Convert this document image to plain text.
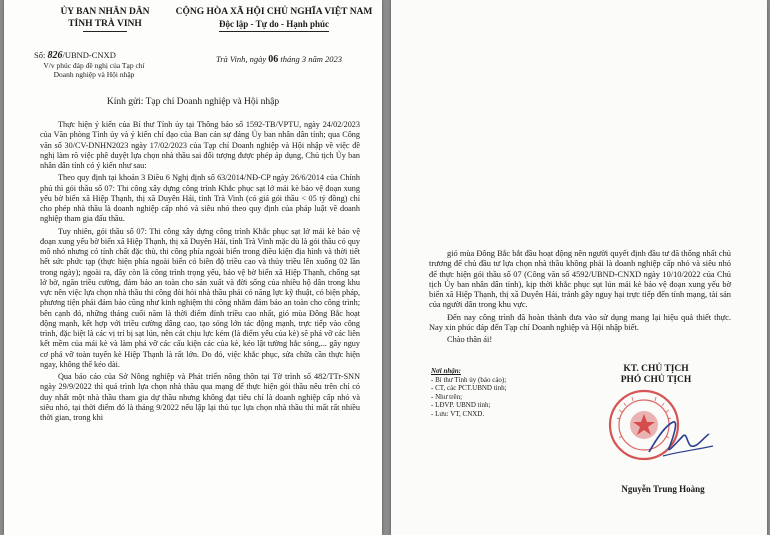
ỦY BAN NHÂN DÂN
TỈNH TRÀ VINH
CỘNG HÒA XÃ HỘI CHỦ NGHĨA VIỆT NAM
Độc lập - Tự do - Hạnh phúc
Số: 826/UBND-CNXD
V/v phúc đáp đề nghị của Tạp chí
Doanh nghiệp và Hội nhập
Trà Vinh, ngày 06 tháng 3 năm 2023
Kính gửi: Tạp chí Doanh nghiệp và Hội nhập

Thực hiện ý kiến của Bí thư Tỉnh ủy tại Thông báo số 1592-TB/VPTU, ngày 24/02/2023 của Văn phòng Tỉnh ủy và ý kiến chỉ đạo của Ban cán sự đảng Ủy ban nhân dân tỉnh; qua Công văn số 30/CV-DNHN2023 ngày 17/02/2023 của Tạp chí Doanh nghiệp và Hội nhập về việc đề nghị làm rõ việc phê duyệt lựa chọn nhà thầu sai đối tượng được phép áp dụng, Chủ tịch Ủy ban nhân dân tỉnh có ý kiến như sau:

Theo quy định tại khoản 3 Điều 6 Nghị định số 63/2014/NĐ-CP ngày 26/6/2014 của Chính phủ thì gói thầu số 07: Thi công xây dựng công trình Khắc phục sạt lở mái kè bảo vệ đoạn xung yếu bờ biển xã Hiệp Thạnh, thị xã Duyên Hải, tỉnh Trà Vinh (có giá gói thầu < 05 tỷ đồng) chỉ cho phép nhà thầu là doanh nghiệp cấp nhỏ và siêu nhỏ theo quy định của pháp luật về doanh nghiệp tham gia đấu thầu.

Tuy nhiên, gói thầu số 07: Thi công xây dựng công trình Khắc phục sạt lở mái kè bảo vệ đoạn xung yếu bờ biển xã Hiệp Thạnh, thị xã Duyên Hải, tỉnh Trà Vinh mặc dù là gói thầu có quy mô nhỏ nhưng có tính chất đặc thù, thi công phía ngoài biển trong điều kiện địa hình và thời tiết hết sức phức tạp (thực hiện phía ngoài biển có biên độ triều cao và thủy triều lên xuống 02 lần trong ngày); ngoài ra, đây còn là công trình trọng yếu, bảo vệ bờ biển xã Hiệp Thạnh, chống sạt lở bờ, ngăn triều cường, đảm bảo an toàn cho sản xuất và đời sống của nhiều hộ dân trong khu vực nên việc lựa chọn nhà thầu thi công đòi hỏi nhà thầu phải có năng lực kỹ thuật, có biện pháp, phương tiện phải đảm bảo cũng như kinh nghiệm thi công nhằm đảm bảo an toàn cho công trình; bên cạnh đó, những tháng cuối năm là thời điểm đỉnh triều cao nhất, gió mùa Đông Bắc hoạt động mạnh, kết hợp với triều cường dâng cao, tạo sóng lớn tác động mạnh, trực tiếp vào công trình, đặc biệt là các vị trí bị sạt lún, nên cát chịu lực kém (là điểm yếu của kè) sẽ phá vỡ các liên kết mềm của mái kè và làm phá vỡ các cấu kiện các của kè, kéo lật tường hắc sóng,... gây nguy cơ phá vỡ toàn tuyến kè Hiệp Thạnh là rất lớn. Do đó, việc khắc phục, sửa chữa cần thực hiện ngay, không thể kéo dài.

Qua báo cáo của Sở Nông nghiệp và Phát triển nông thôn tại Tờ trình số 482/TTr-SNN ngày 29/9/2022 thì quá trình lựa chọn nhà thầu qua mạng để thực hiện gói thầu nêu trên chỉ có duy nhất một nhà thầu tham gia dự thầu nhưng không đạt tiêu chí là doanh nghiệp cấp nhỏ và siêu nhỏ, tại thời điểm đó là tháng 9/2022 nếu lập lại thủ tục lựa chọn nhà thầu thì mất rất nhiều thời gian, trong khi

gió mùa Đông Bắc bắt đầu hoạt động nên người quyết định đầu tư đã thống nhất chủ trương để chủ đầu tư lựa chọn nhà thầu không phải là doanh nghiệp cấp nhỏ và siêu nhỏ để thực hiện gói thầu số 07 (Công văn số 4592/UBND-CNXD ngày 10/10/2022 của Chủ tịch Ủy ban nhân dân tỉnh), kịp thời khắc phục sụt lún mái kè bảo vệ đoạn xung yếu bờ biển xã Hiệp Thạnh, thị xã Duyên Hải, tránh gây nguy hại trực tiếp đến tính mạng, tài sản của người dân trong khu vực.

Đến nay công trình đã hoàn thành đưa vào sử dụng mang lại hiệu quả thiết thực. Nay xin phúc đáp đến Tạp chí Doanh nghiệp và Hội nhập biết.

Chào thân ái!
Nơi nhận:
- Bí thư Tỉnh ủy (báo cáo);
- CT, các PCT.UBND tỉnh;
- Như trên;
- LĐVP. UBND tỉnh;
- Lưu: VT, CNXD.
KT. CHỦ TỊCH
PHÓ CHỦ TỊCH
Nguyễn Trung Hoàng
